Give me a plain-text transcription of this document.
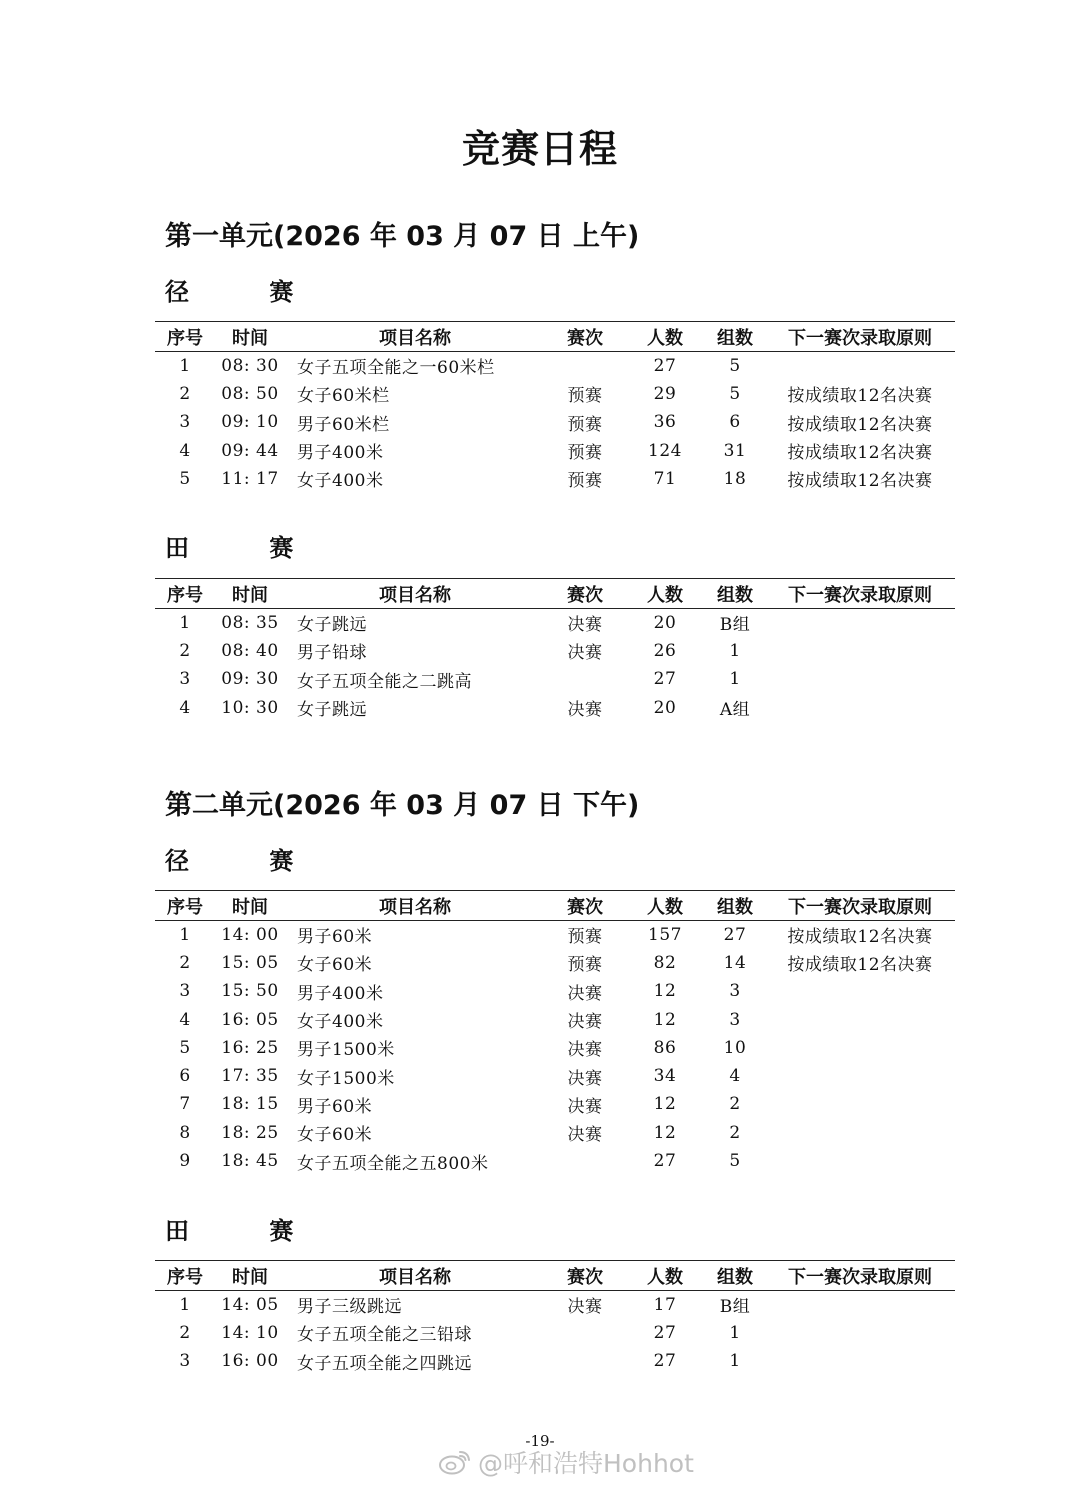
竞赛日程
第一单元(2026 年 03 月 07 日 上午)
径 赛
序号	时间	项目名称	赛次	人数	组数	下一赛次录取原则
1	08: 30	女子五项全能之一60米栏		27	5	
2	08: 50	女子60米栏	预赛	29	5	按成绩取12名决赛
3	09: 10	男子60米栏	预赛	36	6	按成绩取12名决赛
4	09: 44	男子400米	预赛	124	31	按成绩取12名决赛
5	11: 17	女子400米	预赛	71	18	按成绩取12名决赛
田 赛
序号	时间	项目名称	赛次	人数	组数	下一赛次录取原则
1	08: 35	女子跳远	决赛	20	B组	
2	08: 40	男子铅球	决赛	26	1	
3	09: 30	女子五项全能之二跳高		27	1	
4	10: 30	女子跳远	决赛	20	A组	
第二单元(2026 年 03 月 07 日 下午)
径 赛
序号	时间	项目名称	赛次	人数	组数	下一赛次录取原则
1	14: 00	男子60米	预赛	157	27	按成绩取12名决赛
2	15: 05	女子60米	预赛	82	14	按成绩取12名决赛
3	15: 50	男子400米	决赛	12	3	
4	16: 05	女子400米	决赛	12	3	
5	16: 25	男子1500米	决赛	86	10	
6	17: 35	女子1500米	决赛	34	4	
7	18: 15	男子60米	决赛	12	2	
8	18: 25	女子60米	决赛	12	2	
9	18: 45	女子五项全能之五800米		27	5	
田 赛
序号	时间	项目名称	赛次	人数	组数	下一赛次录取原则
1	14: 05	男子三级跳远	决赛	17	B组	
2	14: 10	女子五项全能之三铅球		27	1	
3	16: 00	女子五项全能之四跳远		27	1	

-19-

@呼和浩特Hohhot
